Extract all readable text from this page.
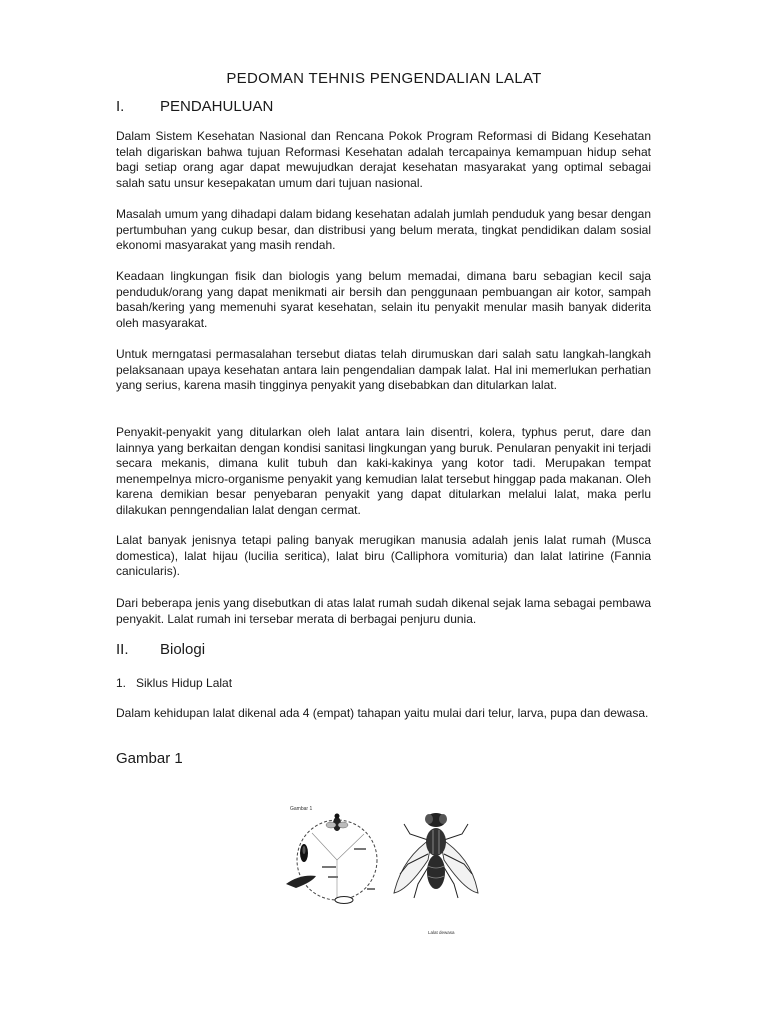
PEDOMAN TEHNIS PENGENDALIAN LALAT
I.	PENDAHULUAN

Dalam Sistem Kesehatan Nasional dan Rencana Pokok Program Reformasi di Bidang Kesehatan telah digariskan bahwa tujuan Reformasi Kesehatan adalah tercapainya kemampuan hidup sehat bagi setiap orang agar dapat mewujudkan derajat kesehatan masyarakat yang optimal sebagai salah satu unsur kesepakatan umum dari tujuan nasional.

Masalah umum yang dihadapi dalam bidang kesehatan adalah jumlah penduduk yang besar dengan pertumbuhan yang cukup besar, dan distribusi yang belum merata, tingkat pendidikan dalam sosial ekonomi masyarakat yang masih rendah.

Keadaan lingkungan fisik dan biologis yang belum memadai, dimana baru sebagian kecil saja penduduk/orang yang dapat menikmati air bersih dan penggunaan pembuangan air kotor, sampah basah/kering yang memenuhi syarat kesehatan, selain itu penyakit menular masih banyak diderita oleh masyarakat.

Untuk merngatasi permasalahan tersebut diatas telah dirumuskan dari salah satu langkah-langkah pelaksanaan upaya kesehatan antara lain pengendalian dampak lalat. Hal ini memerlukan perhatian yang serius, karena masih tingginya penyakit yang disebabkan dan ditularkan lalat.

Penyakit-penyakit yang ditularkan oleh lalat antara lain disentri, kolera, typhus perut, dare dan lainnya yang berkaitan dengan kondisi sanitasi lingkungan yang buruk. Penularan penyakit ini terjadi secara mekanis, dimana kulit tubuh dan kaki-kakinya yang kotor tadi. Merupakan tempat menempelnya micro-organisme penyakit yang kemudian lalat tersebut hinggap pada makanan. Oleh karena demikian besar penyebaran penyakit yang dapat ditularkan melalui lalat, maka perlu dilakukan penngendalian lalat dengan cermat.

Lalat banyak jenisnya tetapi paling banyak merugikan manusia adalah jenis lalat rumah (Musca domestica), lalat hijau (lucilia seritica), lalat biru (Calliphora vomituria) dan lalat latirine (Fannia canicularis).

Dari beberapa jenis yang disebutkan di atas lalat rumah sudah dikenal sejak lama sebagai pembawa penyakit. Lalat rumah ini tersebar merata di berbagai penjuru dunia.

II.	Biologi
1. Siklus Hidup Lalat

Dalam kehidupan lalat dikenal ada 4 (empat) tahapan yaitu mulai dari telur, larva, pupa dan dewasa.

Gambar 1
Gambar 1
Lalat dewasa
